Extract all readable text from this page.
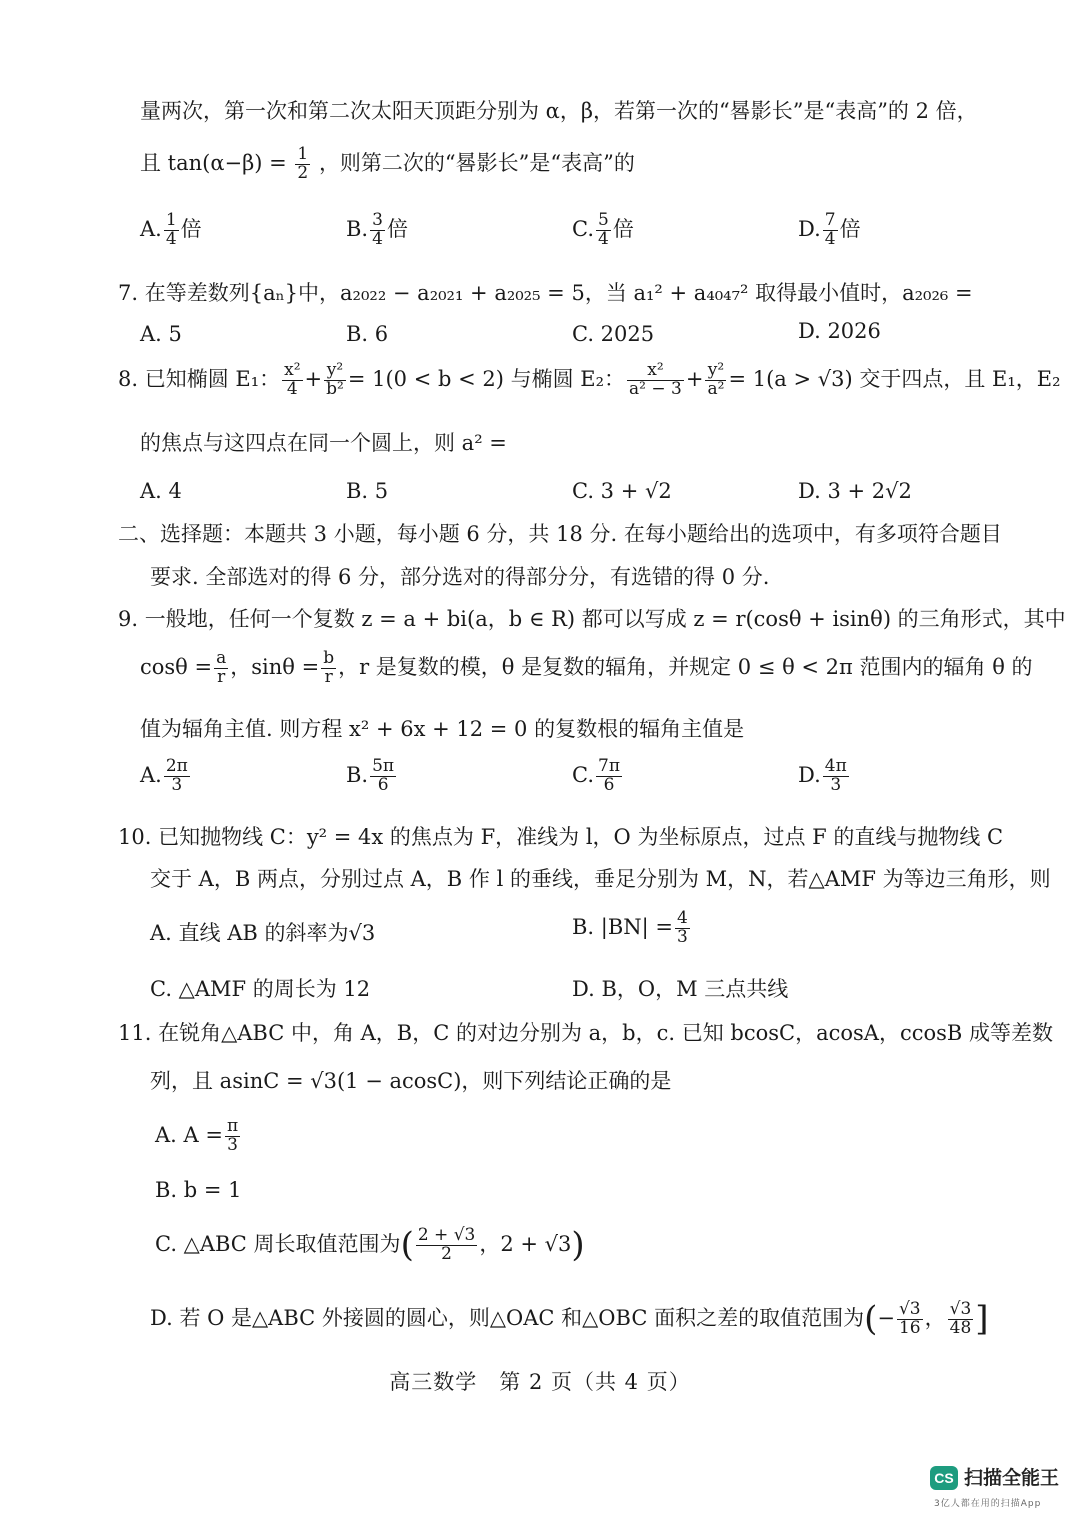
量两次，第一次和第二次太阳天顶距分别为 α，β，若第一次的“晷影长”是“表高”的 2 倍，
且 $\tan(\alpha-\beta) = \frac{1}{2}$ ，则第二次的“晷影长”是“表高”的
A. $\frac{1}{4}$ 倍	B. $\frac{3}{4}$ 倍	C. $\frac{5}{4}$ 倍	D. $\frac{7}{4}$ 倍
7. 在等差数列{aₙ}中，a₂₀₂₂ − a₂₀₂₁ + a₂₀₂₅ = 5，当 a₁² + a₄₀₄₇² 取得最小值时，a₂₀₂₆ =
A. 5	B. 6	C. 2025	D. 2026
8. 已知椭圆 E₁： $\frac{\text{x²}}{4} + \frac{\text{y²}}{\text{b²}} = 1(0 < b < 2)$ 与椭圆 E₂： $\frac{\text{x²}}{\text{a² − 3}} + \frac{\text{y²}}{\text{a²}} = 1(a > √3)$ 交于四点，且 E₁，E₂
的焦点与这四点在同一个圆上，则 a² =
A. 4	B. 5	C. 3 + √2	D. 3 + 2√2
二、选择题：本题共 3 小题，每小题 6 分，共 18 分. 在每小题给出的选项中，有多项符合题目
要求. 全部选对的得 6 分，部分选对的得部分分，有选错的得 0 分.
9. 一般地，任何一个复数 z = a + bi(a，b ∈ R) 都可以写成 z = r(cosθ + isinθ) 的三角形式，其中
$\cos\theta = \frac{a}{r}$ ，$\sin\theta = \frac{b}{r}$ ，r 是复数的模，θ 是复数的辐角，并规定 0 ≤ θ < 2π 范围内的辐角 θ 的
值为辐角主值. 则方程 x² + 6x + 12 = 0 的复数根的辐角主值是
A. $\frac{2\pi}{3}$	B. $\frac{5\pi}{6}$	C. $\frac{7\pi}{6}$	D. $\frac{4\pi}{3}$
10. 已知抛物线 C：y² = 4x 的焦点为 F，准线为 l，O 为坐标原点，过点 F 的直线与抛物线 C
交于 A，B 两点，分别过点 A，B 作 l 的垂线，垂足分别为 M，N，若△AMF 为等边三角形，则
A. 直线 AB 的斜率为√3	B. $|BN| = \frac{4}{3}$
C. △AMF 的周长为 12	D. B，O，M 三点共线
11. 在锐角△ABC 中，角 A，B，C 的对边分别为 a，b，c. 已知 bcosC，acosA，ccosB 成等差数
列，且 asinC = √3(1 − acosC)，则下列结论正确的是
A. $A = \frac{\pi}{3}$
B. b = 1
C. △ABC 周长取值范围为( $\frac{2 + √3}{2}$ ，2 + √3)
D. 若 O 是△ABC 外接圆的圆心，则△OAC 和△OBC 面积之差的取值范围为(− $\frac{√3}{16}$ ， $\frac{√3}{48}$ ]
高三数学　第 2 页（共 4 页）
CS 扫描全能王
3亿人都在用的扫描App
